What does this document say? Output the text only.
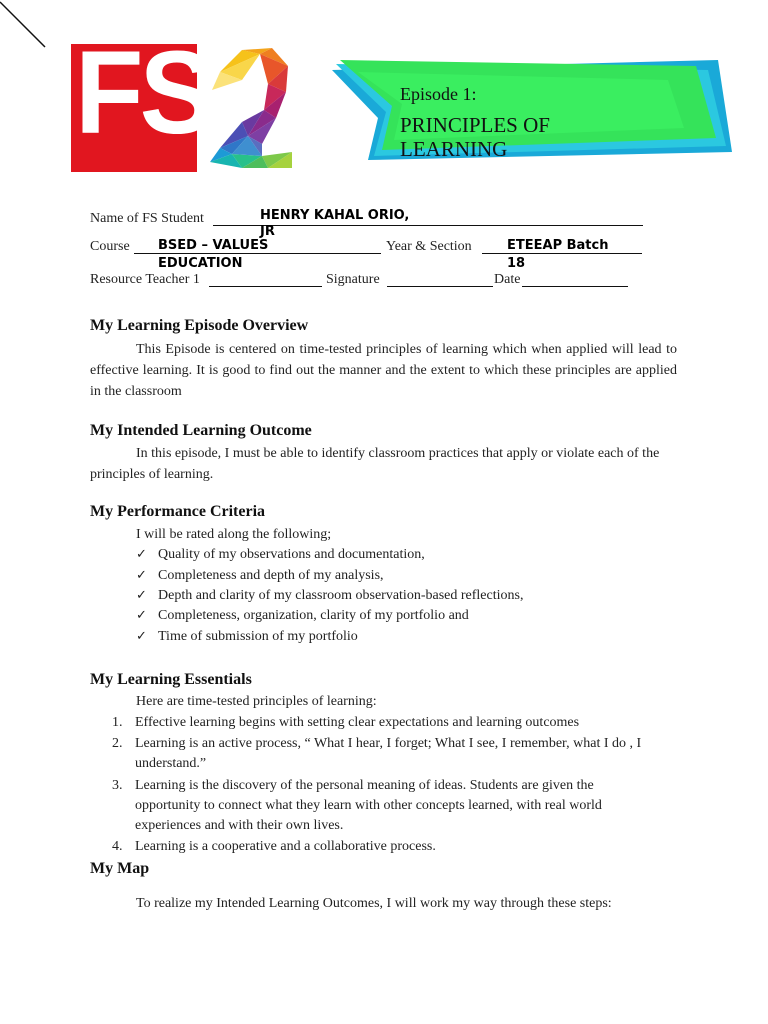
FS	Episode 1:
PRINCIPLES OF LEARNING
Name of FS Student	HENRY KAHAL ORIO,
JR
Course BSED – VALUES
EDUCATION
Year & Section	ETEEAP Batch
18
Resource Teacher 1	Signature	Date
My Learning Episode Overview

This Episode is centered on time-tested principles of learning which when applied will lead to effective learning. It is good to find out the manner and the extent to which these principles are applied in the classroom

My Intended Learning Outcome

In this episode, I must be able to identify classroom practices that apply or violate each of the principles of learning.

My Performance Criteria
I will be rated along the following;
✓ Quality of my observations and documentation,
✓ Completeness and depth of my analysis,
✓ Depth and clarity of my classroom observation-based reflections,
✓ Completeness, organization, clarity of my portfolio and
✓ Time of submission of my portfolio
My Learning Essentials
Here are time-tested principles of learning:
1. Effective learning begins with setting clear expectations and learning outcomes
2. Learning is an active process, “ What I hear, I forget; What I see, I remember, what I do , I understand.”
3. Learning is the discovery of the personal meaning of ideas. Students are given the opportunity to connect what they learn with other concepts learned, with real world experiences and with their own lives.
4. Learning is a cooperative and a collaborative process.
My Map
To realize my Intended Learning Outcomes, I will work my way through these steps:
